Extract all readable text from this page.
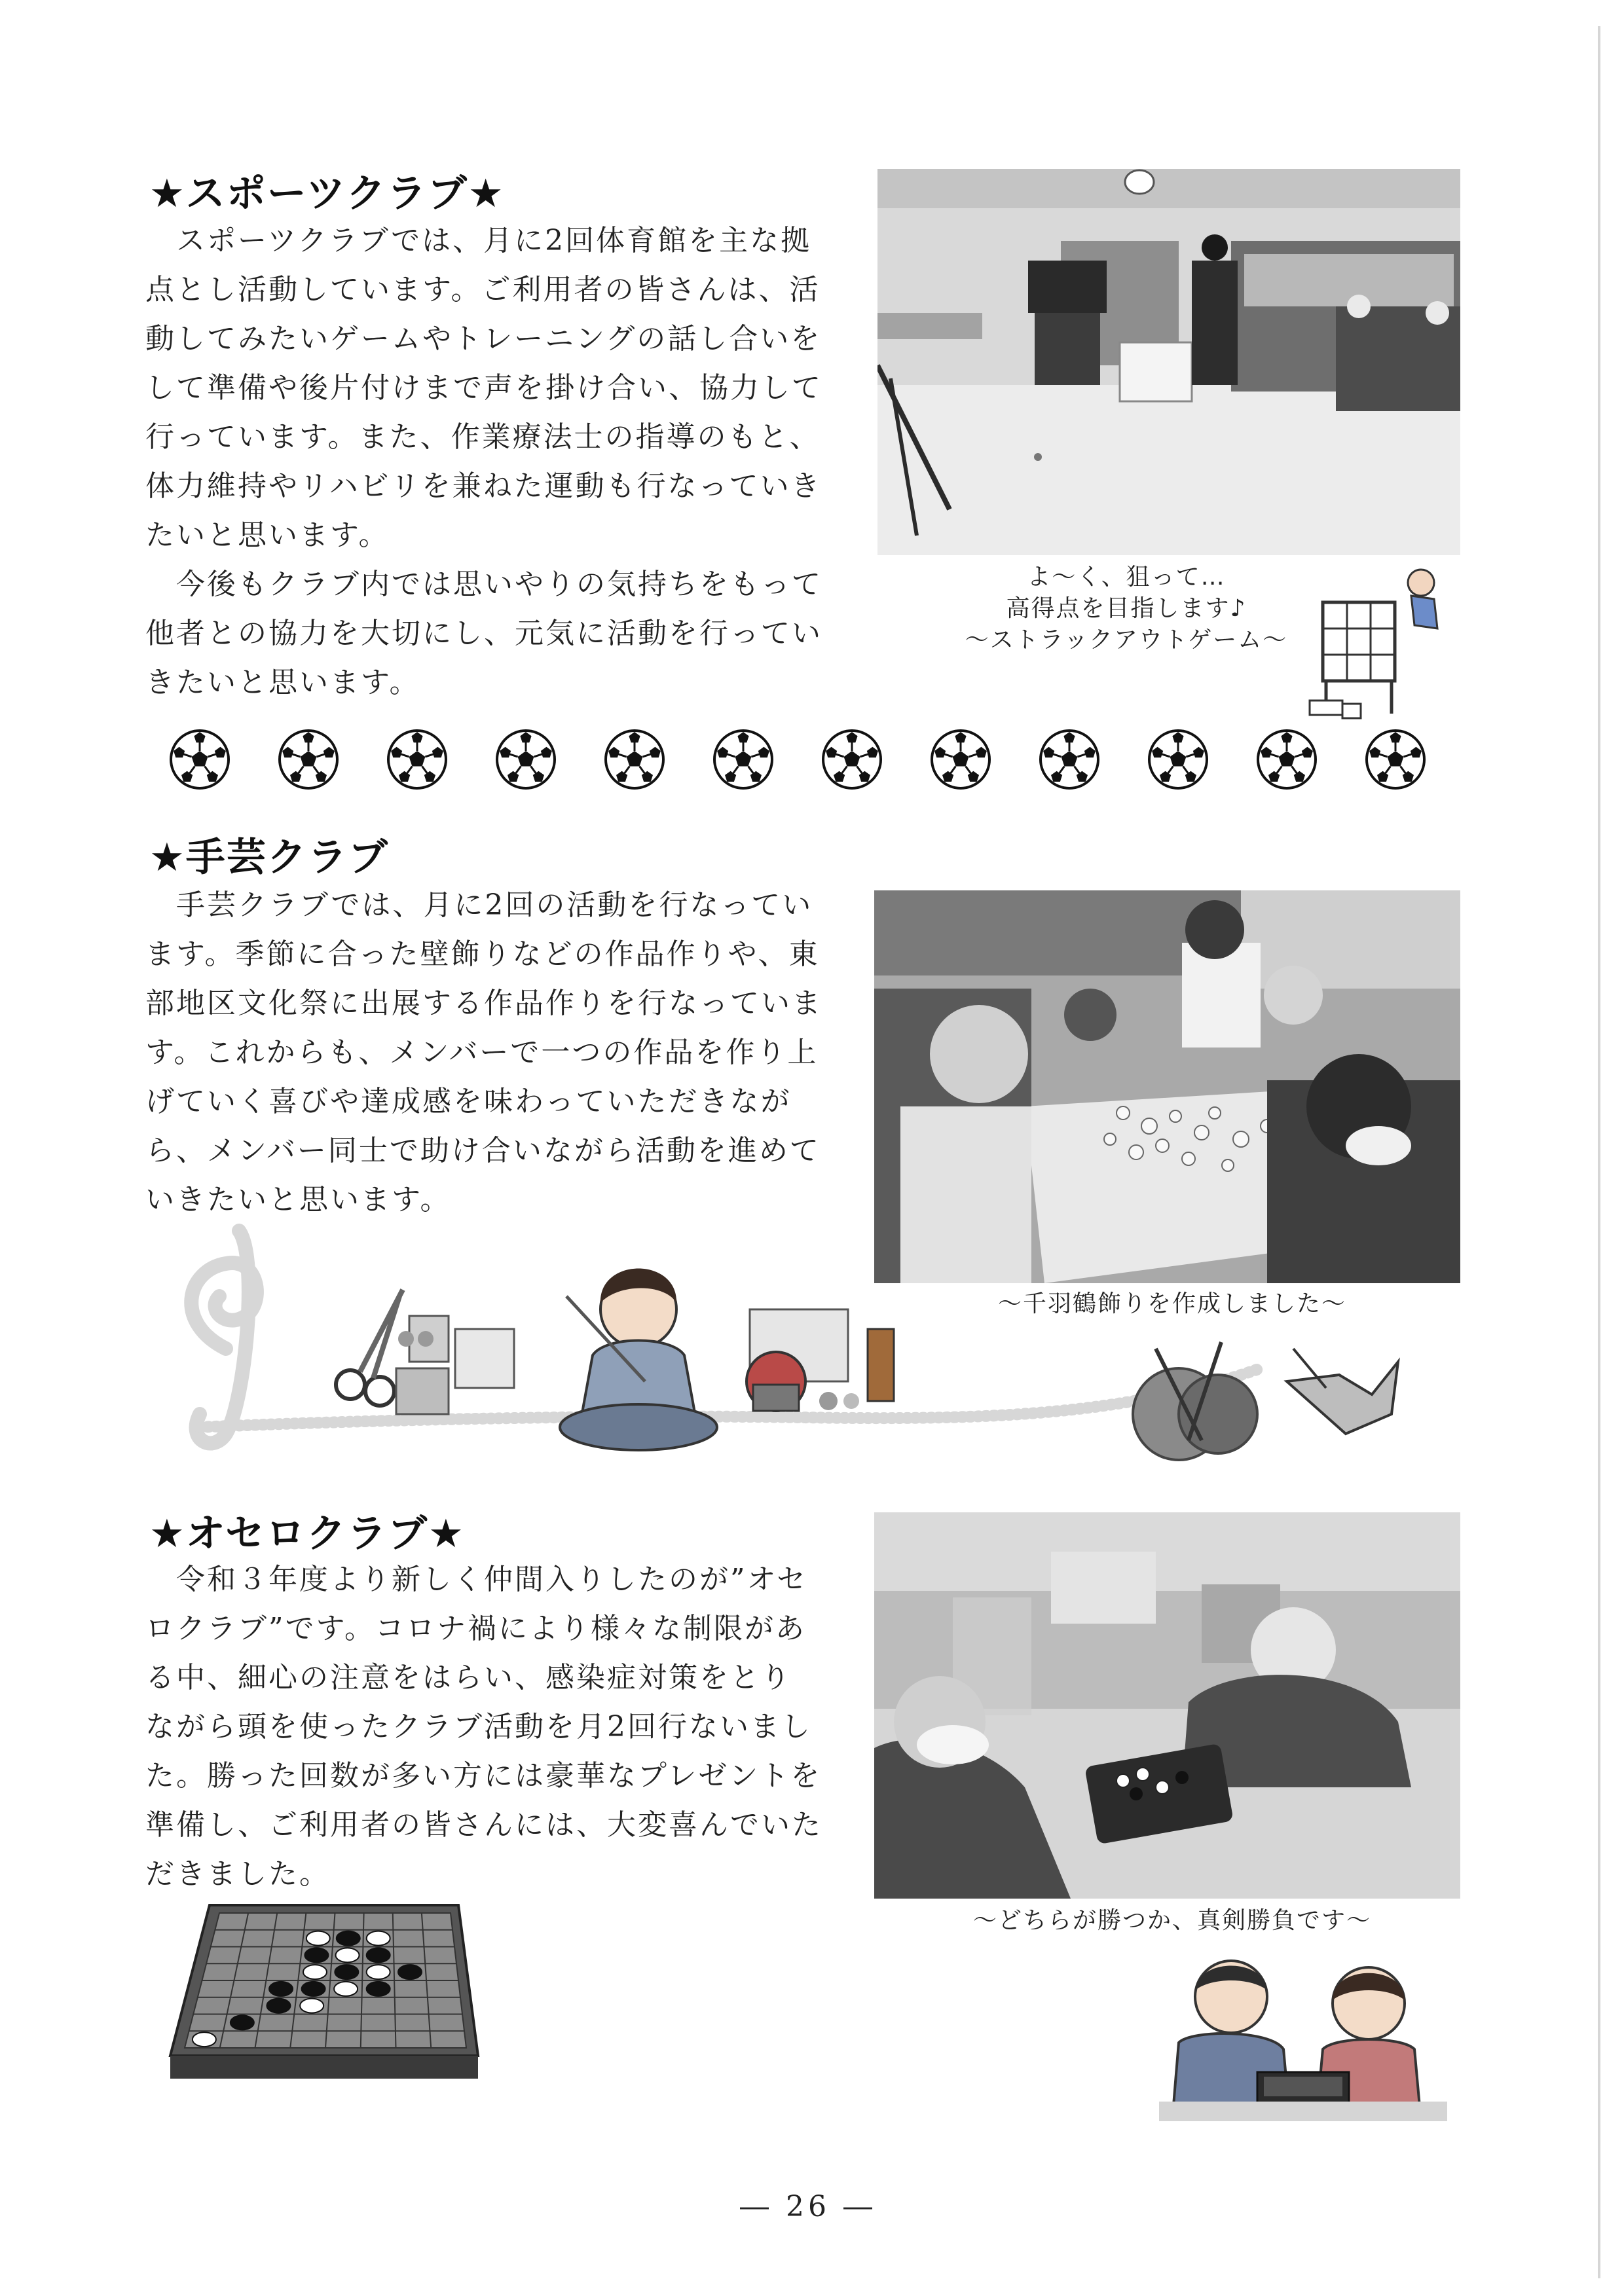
★スポーツクラブ★
　スポーツクラブでは、月に2回体育館を主な拠
点とし活動しています。ご利用者の皆さんは、活
動してみたいゲームやトレーニングの話し合いを
して準備や後片付けまで声を掛け合い、協力して
行っています。また、作業療法士の指導のもと、
体力維持やリハビリを兼ねた運動も行なっていき
たいと思います。
　今後もクラブ内では思いやりの気持ちをもって
他者との協力を大切にし、元気に活動を行ってい
きたいと思います。
よ～く、狙って…
高得点を目指します♪
～ストラックアウトゲーム～
★手芸クラブ
　手芸クラブでは、月に2回の活動を行なってい
ます。季節に合った壁飾りなどの作品作りや、東
部地区文化祭に出展する作品作りを行なっていま
す。これからも、メンバーで一つの作品を作り上
げていく喜びや達成感を味わっていただきなが
ら、メンバー同士で助け合いながら活動を進めて
いきたいと思います。
～千羽鶴飾りを作成しました～
★オセロクラブ★
　令和３年度より新しく仲間入りしたのが”オセ
ロクラブ”です。コロナ禍により様々な制限があ
る中、細心の注意をはらい、感染症対策をとり
ながら頭を使ったクラブ活動を月2回行ないまし
た。勝った回数が多い方には豪華なプレゼントを
準備し、ご利用者の皆さんには、大変喜んでいた
だきました。
～どちらが勝つか、真剣勝負です～
― 26 ―
